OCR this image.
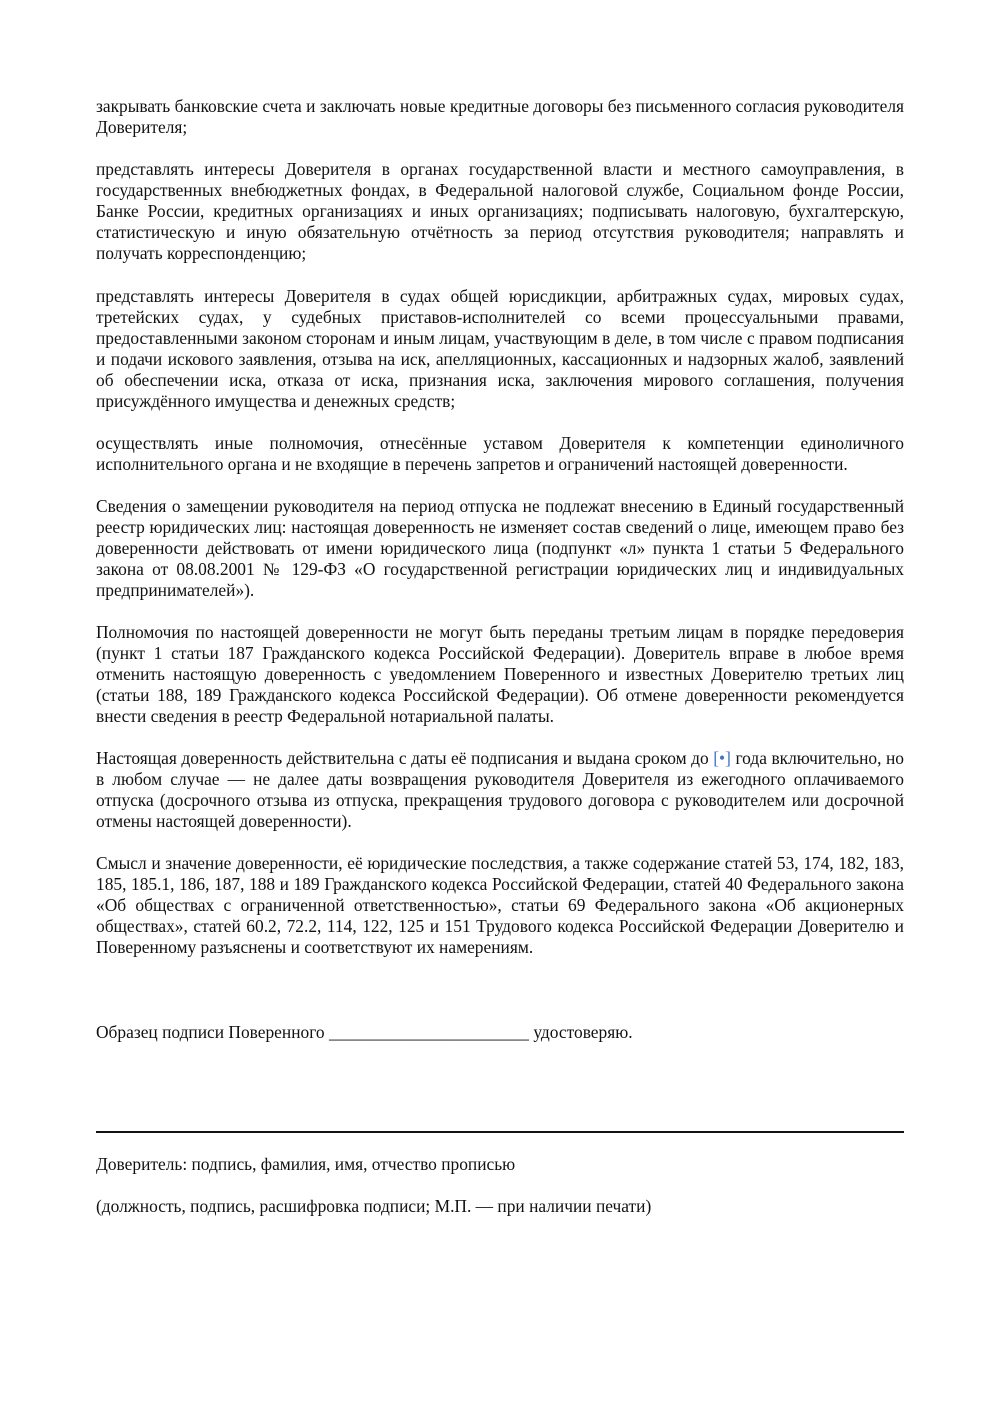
закрывать банковские счета и заключать новые кредитные договоры без письменного согласия руководителя Доверителя;

представлять интересы Доверителя в органах государственной власти и местного самоуправления, в государственных внебюджетных фондах, в Федеральной налоговой службе, Социальном фонде России, Банке России, кредитных организациях и иных организациях; подписывать налоговую, бухгалтерскую, статистическую и иную обязательную отчётность за период отсутствия руководителя; направлять и получать корреспонденцию;

представлять интересы Доверителя в судах общей юрисдикции, арбитражных судах, мировых судах, третейских судах, у судебных приставов-исполнителей со всеми процессуальными правами, предоставленными законом сторонам и иным лицам, участвующим в деле, в том числе с правом подписания и подачи искового заявления, отзыва на иск, апелляционных, кассационных и надзорных жалоб, заявлений об обеспечении иска, отказа от иска, признания иска, заключения мирового соглашения, получения присуждённого имущества и денежных средств;

осуществлять иные полномочия, отнесённые уставом Доверителя к компетенции единоличного исполнительного органа и не входящие в перечень запретов и ограничений настоящей доверенности.

Сведения о замещении руководителя на период отпуска не подлежат внесению в Единый государственный реестр юридических лиц: настоящая доверенность не изменяет состав сведений о лице, имеющем право без доверенности действовать от имени юридического лица (подпункт «л» пункта 1 статьи 5 Федерального закона от 08.08.2001 № 129-ФЗ «О государственной регистрации юридических лиц и индивидуальных предпринимателей»).

Полномочия по настоящей доверенности не могут быть переданы третьим лицам в порядке передоверия (пункт 1 статьи 187 Гражданского кодекса Российской Федерации). Доверитель вправе в любое время отменить настоящую доверенность с уведомлением Поверенного и известных Доверителю третьих лиц (статьи 188, 189 Гражданского кодекса Российской Федерации). Об отмене доверенности рекомендуется внести сведения в реестр Федеральной нотариальной палаты.

Настоящая доверенность действительна с даты её подписания и выдана сроком до [•] года включительно, но в любом случае — не далее даты возвращения руководителя Доверителя из ежегодного оплачиваемого отпуска (досрочного отзыва из отпуска, прекращения трудового договора с руководителем или досрочной отмены настоящей доверенности).

Смысл и значение доверенности, её юридические последствия, а также содержание статей 53, 174, 182, 183, 185, 185.1, 186, 187, 188 и 189 Гражданского кодекса Российской Федерации, статей 40 Федерального закона «Об обществах с ограниченной ответственностью», статьи 69 Федерального закона «Об акционерных обществах», статей 60.2, 72.2, 114, 122, 125 и 151 Трудового кодекса Российской Федерации Доверителю и Поверенному разъяснены и соответствуют их намерениям.

Образец подписи Поверенного _______________________ удостоверяю.

Доверитель: подпись, фамилия, имя, отчество прописью

(должность, подпись, расшифровка подписи; М.П. — при наличии печати)
